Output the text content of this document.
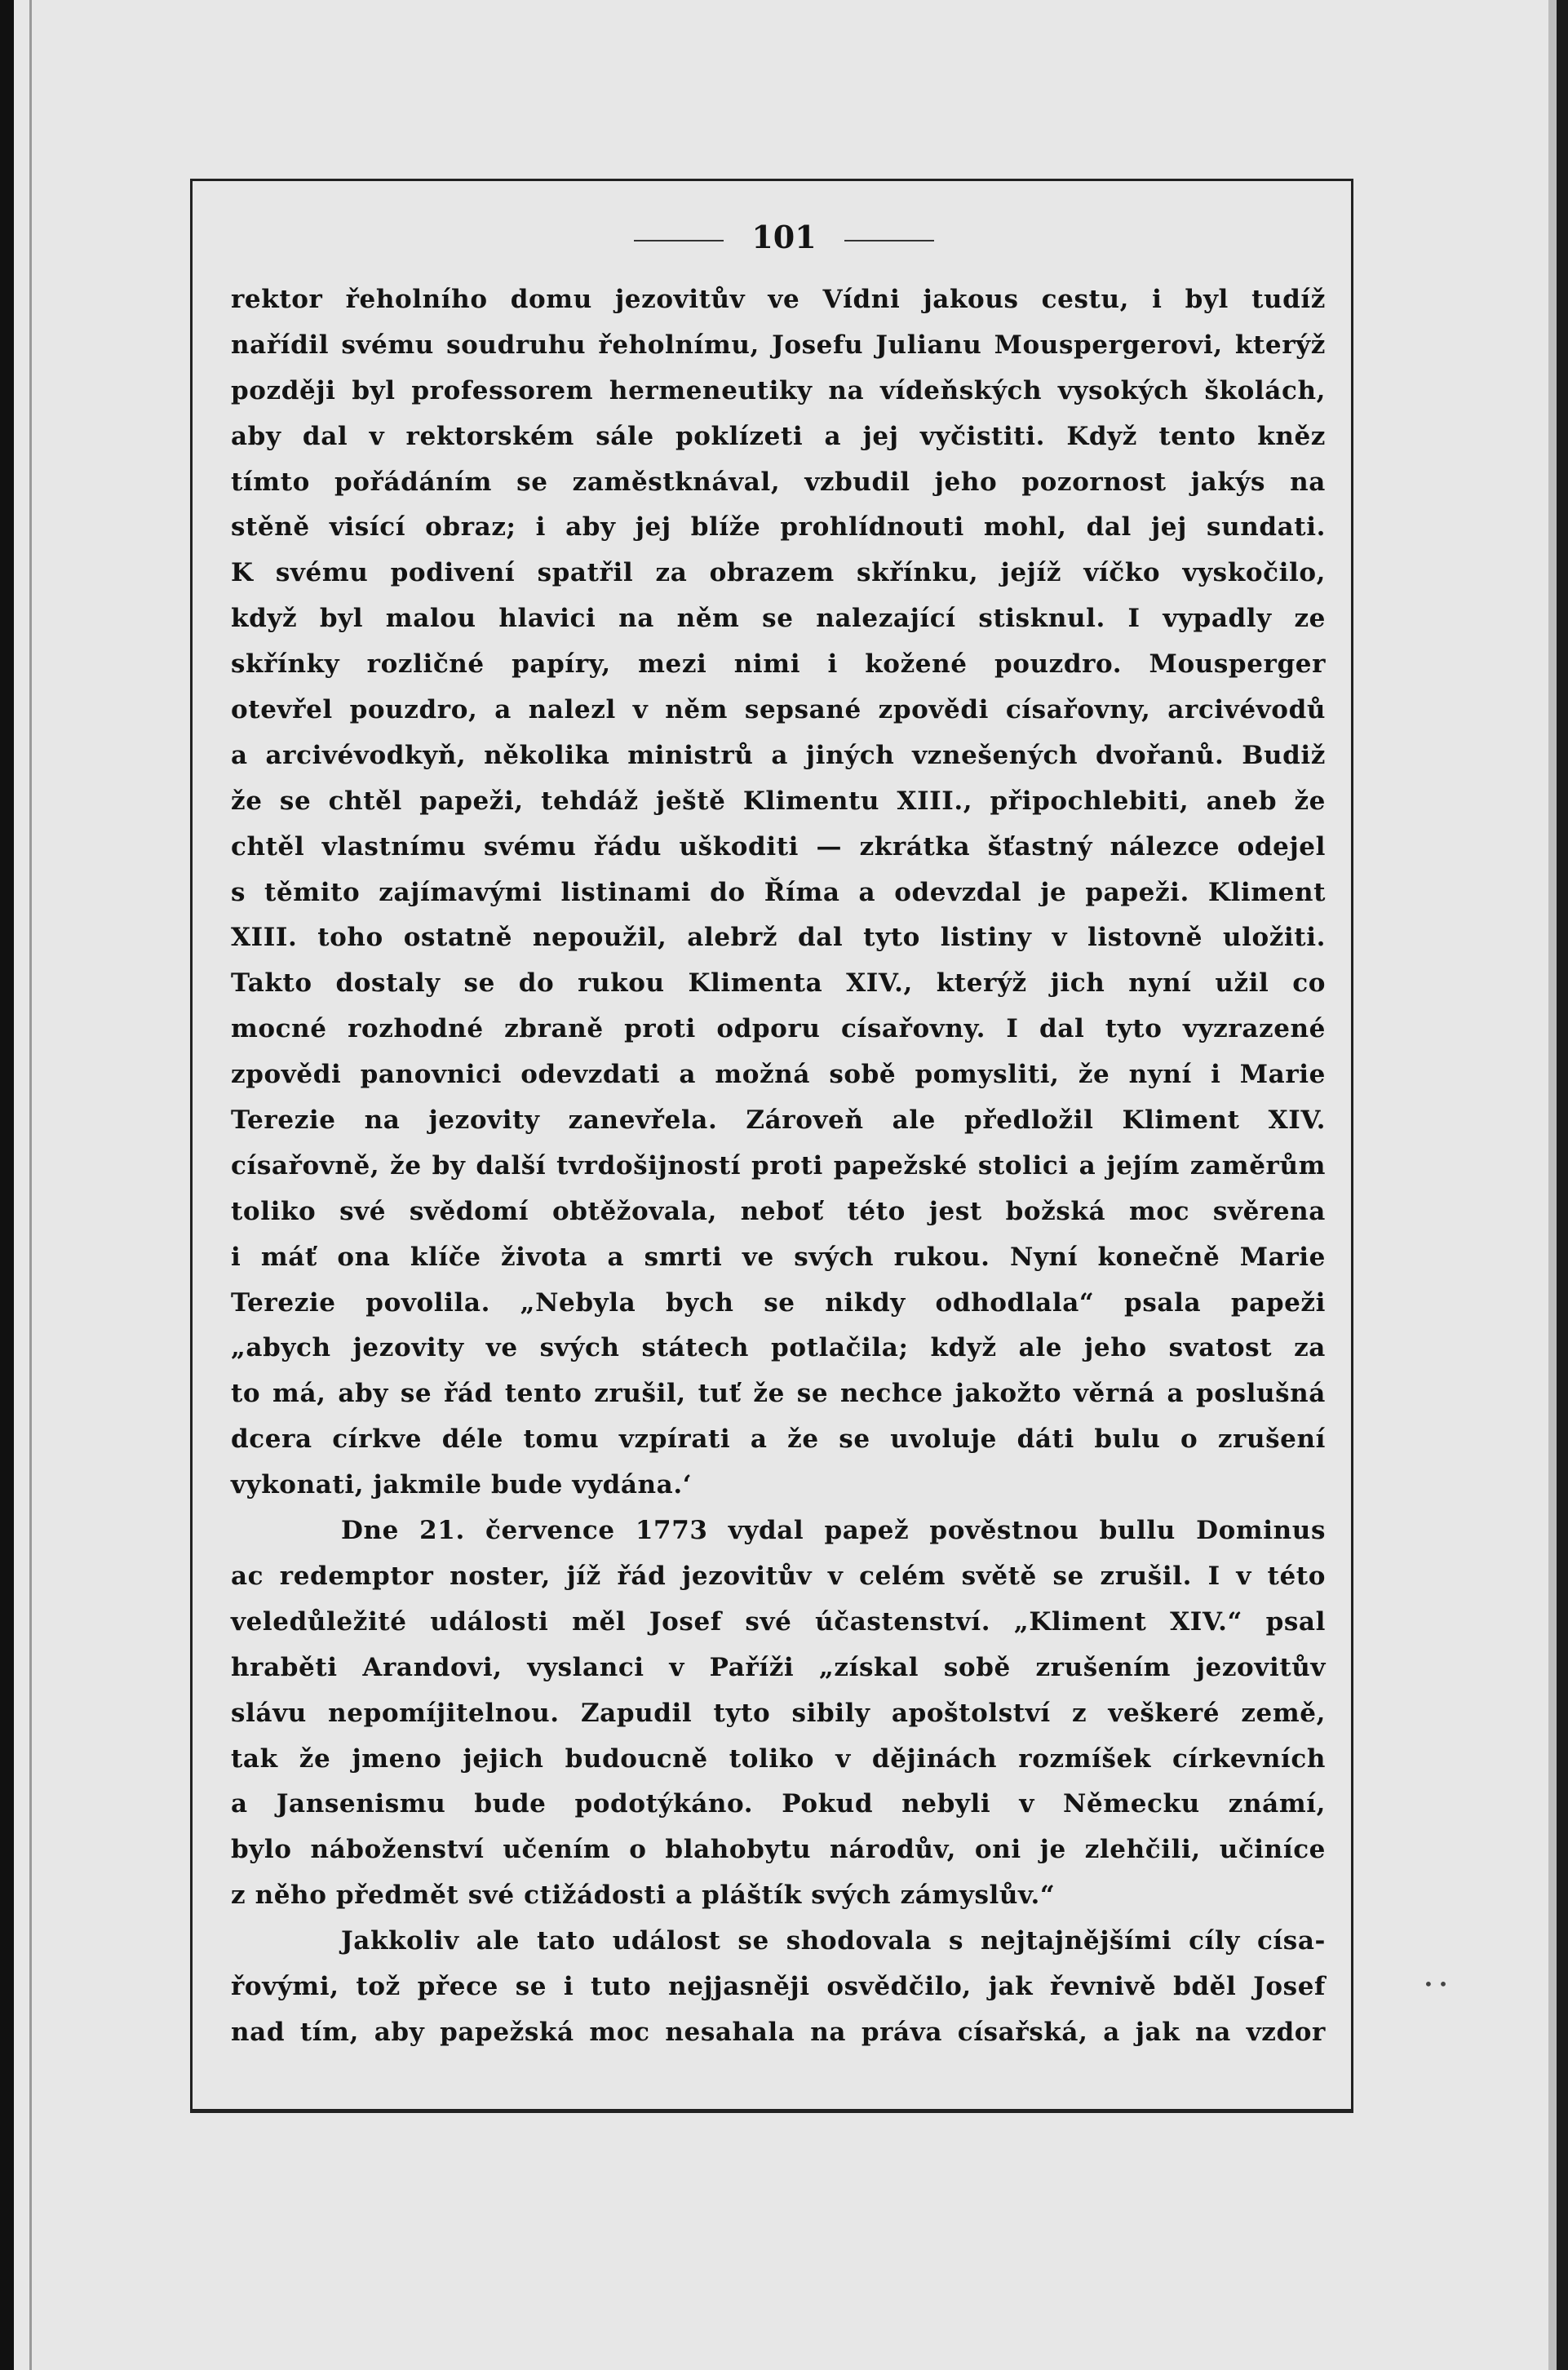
101
rektor řeholního domu jezovitův ve Vídni jakous cestu, i byl tudíž
nařídil svému soudruhu řeholnímu, Josefu Julianu Mouspergerovi, kterýž
později byl professorem hermeneutiky na vídeňských vysokých školách,
aby dal v rektorském sále poklízeti a jej vyčistiti. Když tento kněz
tímto pořádáním se zaměstknával, vzbudil jeho pozornost jakýs na
stěně visící obraz; i aby jej blíže prohlídnouti mohl, dal jej sundati.
K svému podivení spatřil za obrazem skřínku, jejíž víčko vyskočilo,
když byl malou hlavici na něm se nalezající stisknul. I vypadly ze
skřínky rozličné papíry, mezi nimi i kožené pouzdro. Mousperger
otevřel pouzdro, a nalezl v něm sepsané zpovědi císařovny, arcivévodů
a arcivévodkyň, několika ministrů a jiných vznešených dvořanů. Budiž
že se chtěl papeži, tehdáž ještě Klimentu XIII., připochlebiti, aneb že
chtěl vlastnímu svému řádu uškoditi — zkrátka šťastný nálezce odejel
s těmito zajímavými listinami do Říma a odevzdal je papeži. Kliment
XIII. toho ostatně nepoužil, alebrž dal tyto listiny v listovně uložiti.
Takto dostaly se do rukou Klimenta XIV., kterýž jich nyní užil co
mocné rozhodné zbraně proti odporu císařovny. I dal tyto vyzrazené
zpovědi panovnici odevzdati a možná sobě pomysliti, že nyní i Marie
Terezie na jezovity zanevřela. Zároveň ale předložil Kliment XIV.
císařovně, že by další tvrdošijností proti papežské stolici a jejím zaměrům
toliko své svědomí obtěžovala, neboť této jest božská moc svěrena
i máť ona klíče života a smrti ve svých rukou. Nyní konečně Marie
Terezie povolila. „Nebyla bych se nikdy odhodlala“ psala papeži
„abych jezovity ve svých státech potlačila; když ale jeho svatost za
to má, aby se řád tento zrušil, tuť že se nechce jakožto věrná a poslušná
dcera církve déle tomu vzpírati a že se uvoluje dáti bulu o zrušení
vykonati, jakmile bude vydána.‘
Dne 21. července 1773 vydal papež pověstnou bullu Dominus
ac redemptor noster, jíž řád jezovitův v celém světě se zrušil. I v této
veledůležité události měl Josef své účastenství. „Kliment XIV.“ psal
hraběti Arandovi, vyslanci v Paříži „získal sobě zrušením jezovitův
slávu nepomíjitelnou. Zapudil tyto sibily apoštolství z veškeré země,
tak že jmeno jejich budoucně toliko v dějinách rozmíšek církevních
a Jansenismu bude podotýkáno. Pokud nebyli v Německu známí,
bylo náboženství učením o blahobytu národův, oni je zlehčili, učiníce
z něho předmět své ctižádosti a pláštík svých zámyslův.“
Jakkoliv ale tato událost se shodovala s nejtajnějšími cíly císa-
řovými, tož přece se i tuto nejjasněji osvědčilo, jak řevnivě bděl Josef
nad tím, aby papežská moc nesahala na práva císařská, a jak na vzdor
• •
